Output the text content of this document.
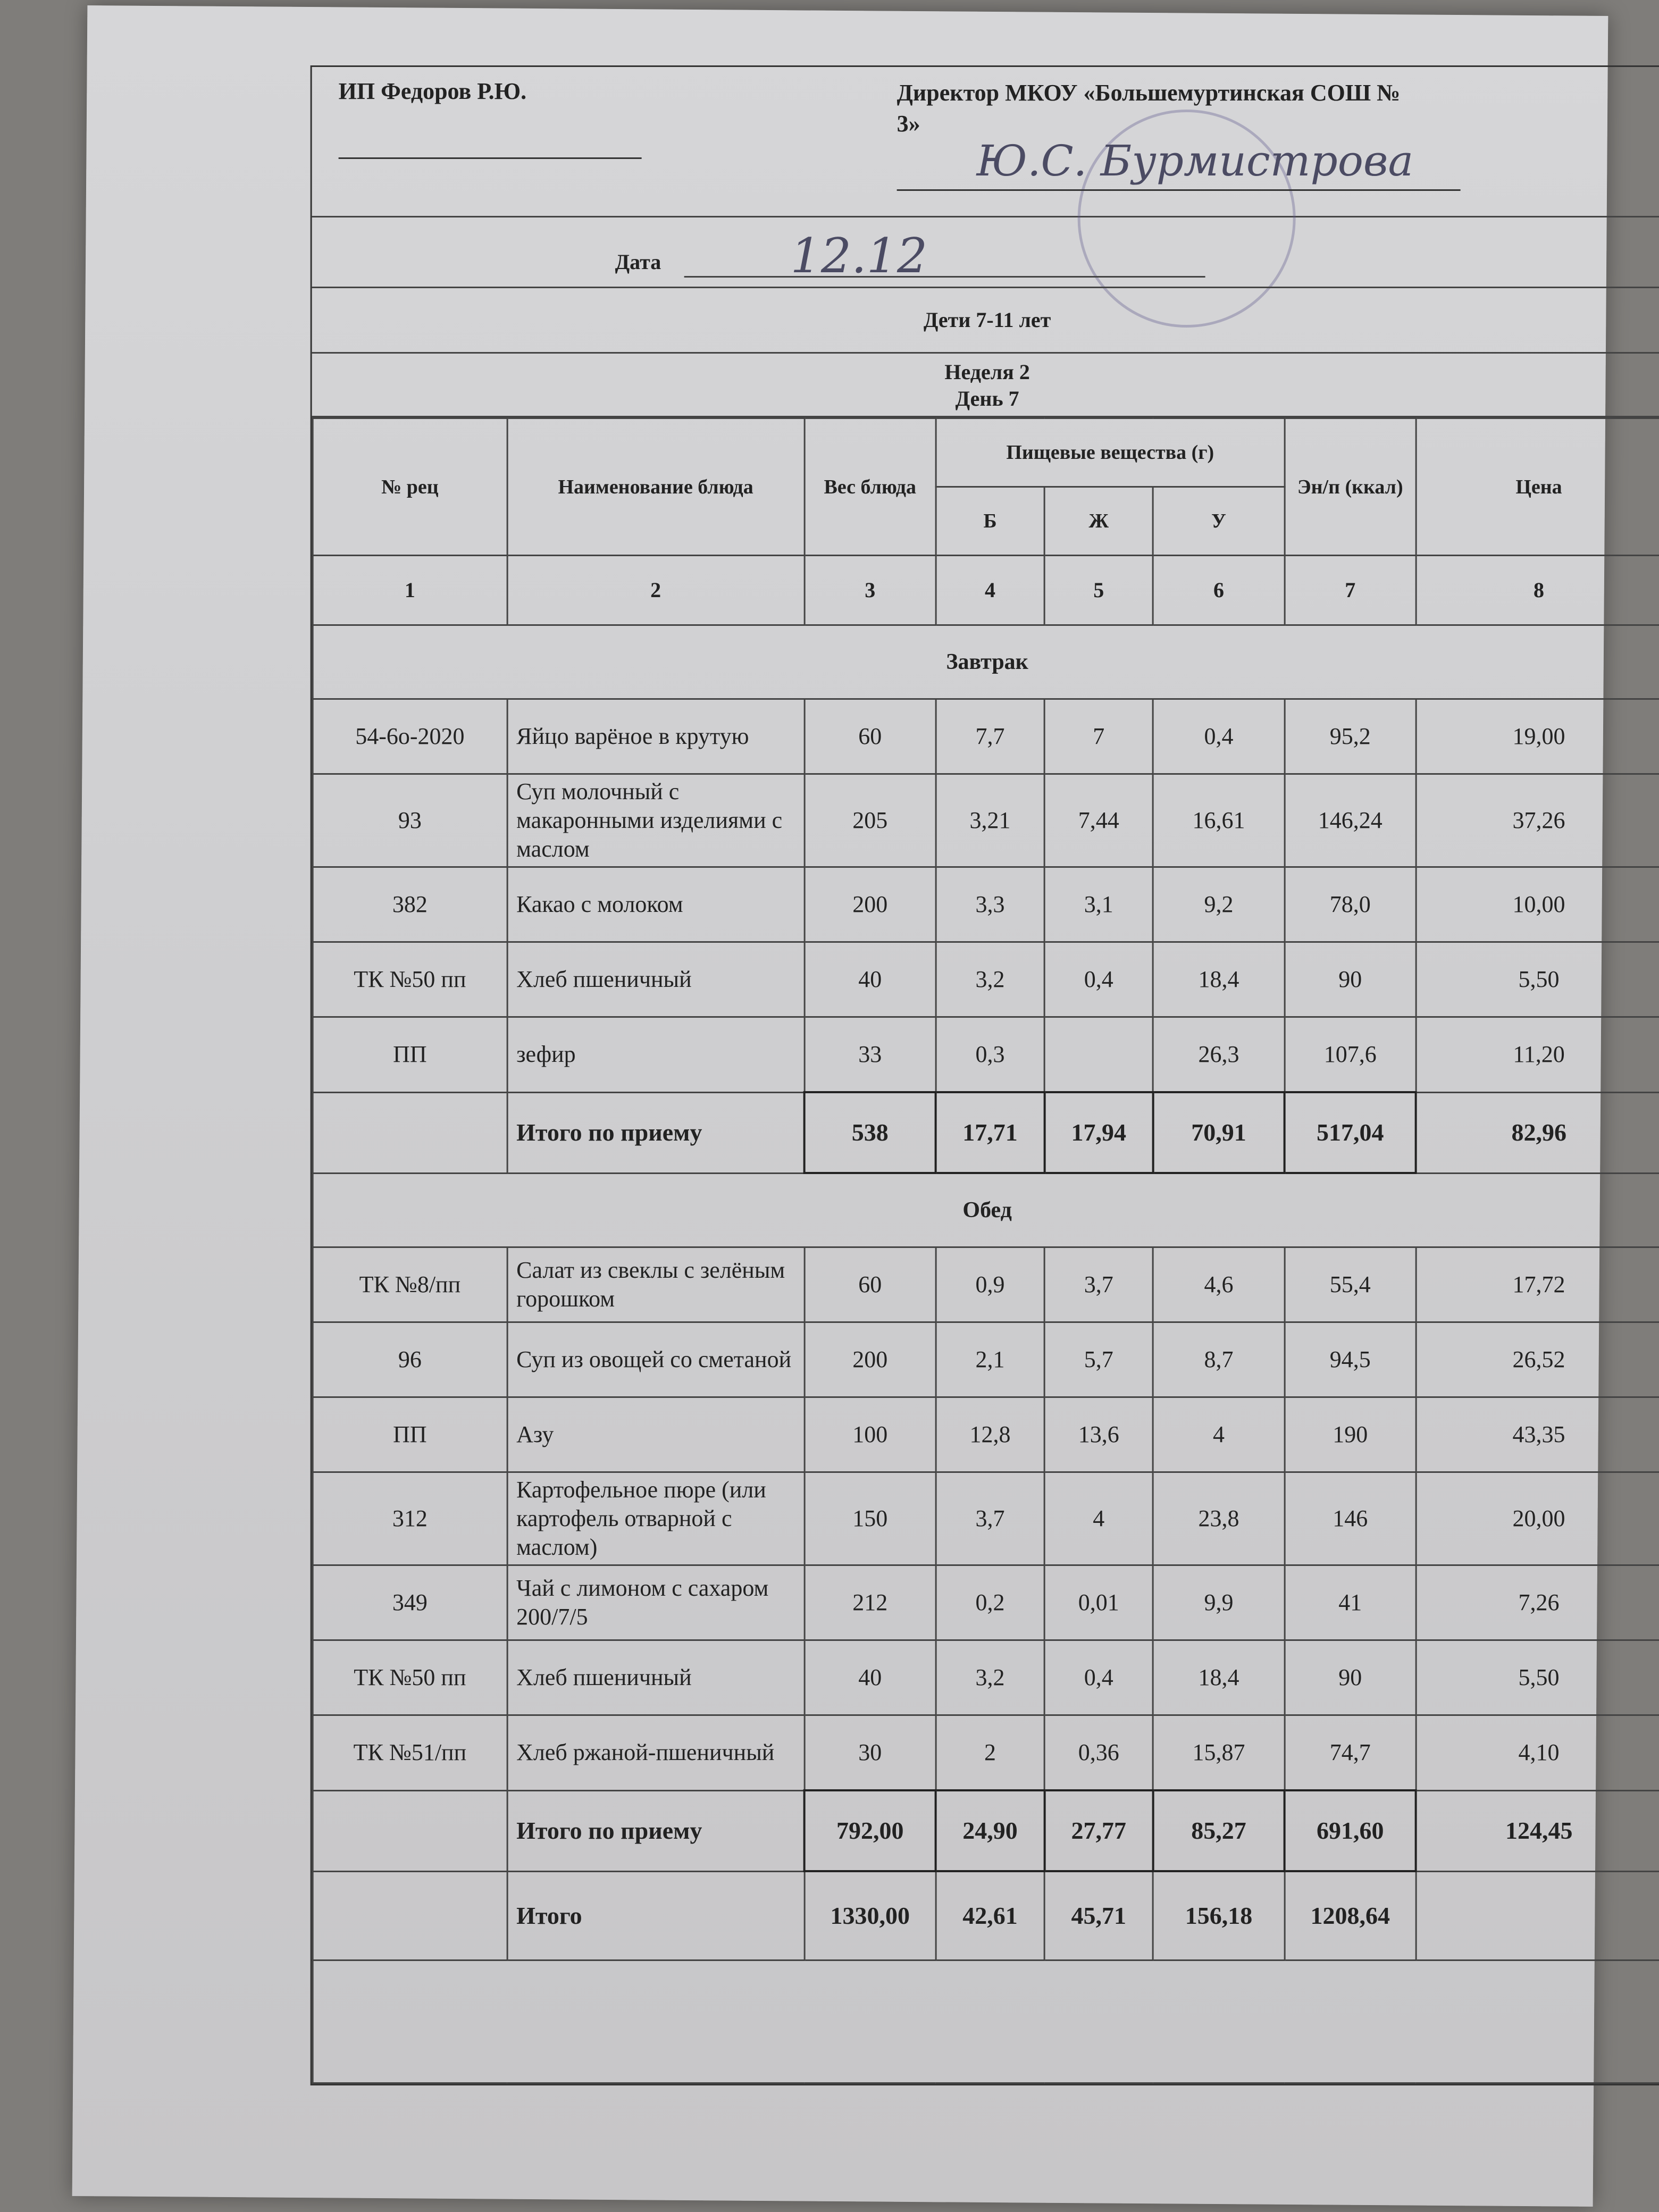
ИП Федоров Р.Ю.	Директор МКОУ «Большемуртинская СОШ № 3»
Ю.С. Бурмистрова
Дата	12.12
Дети 7-11 лет
Неделя 2
День 7
№ рец	Наименование блюда	Вес блюда	Пищевые вещества (г)			Эн/п (ккал)	Цена
			Б	Ж	У		
1	2	3	4	5	6	7	8
Завтрак							
54-6о-2020	Яйцо варёное в крутую	60	7,7	7	0,4	95,2	19,00
93	Суп молочный с макаронными изделиями с маслом	205	3,21	7,44	16,61	146,24	37,26
382	Какао с молоком	200	3,3	3,1	9,2	78,0	10,00
ТК №50 пп	Хлеб пшеничный	40	3,2	0,4	18,4	90	5,50
ПП	зефир	33	0,3		26,3	107,6	11,20
	Итого по приему	538	17,71	17,94	70,91	517,04	82,96
Обед							
ТК №8/пп	Салат из свеклы с зелёным горошком	60	0,9	3,7	4,6	55,4	17,72
96	Суп из овощей со сметаной	200	2,1	5,7	8,7	94,5	26,52
ПП	Азу	100	12,8	13,6	4	190	43,35
312	Картофельное пюре (или картофель отварной с маслом)	150	3,7	4	23,8	146	20,00
349	Чай с лимоном с сахаром 200/7/5	212	0,2	0,01	9,9	41	7,26
ТК №50 пп	Хлеб пшеничный	40	3,2	0,4	18,4	90	5,50
ТК №51/пп	Хлеб ржаной-пшеничный	30	2	0,36	15,87	74,7	4,10
	Итого по приему	792,00	24,90	27,77	85,27	691,60	124,45
	Итого	1330,00	42,61	45,71	156,18	1208,64	
